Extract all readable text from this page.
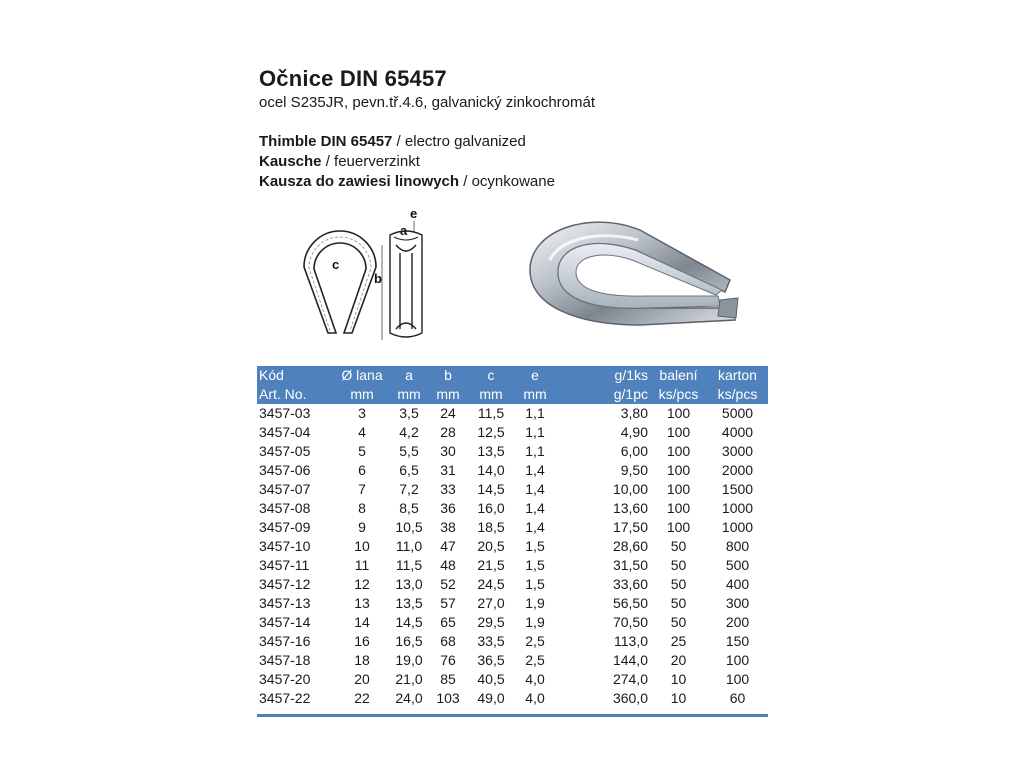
Očnice DIN 65457
ocel S235JR, pevn.tř.4.6, galvanický zinkochromát
Thimble DIN 65457 / electro galvanized
Kausche / feuerverzinkt
Kausza do zawiesi linowych / ocynkowane
c
b
e
a
Kód	Ø lana	a	b	c	e	g/1ks	balení	karton
Art. No.	mm	mm	mm	mm	mm	g/1pc	ks/pcs	ks/pcs
3457-03	3	3,5	24	11,5	1,1	3,80	100	5000
3457-04	4	4,2	28	12,5	1,1	4,90	100	4000
3457-05	5	5,5	30	13,5	1,1	6,00	100	3000
3457-06	6	6,5	31	14,0	1,4	9,50	100	2000
3457-07	7	7,2	33	14,5	1,4	10,00	100	1500
3457-08	8	8,5	36	16,0	1,4	13,60	100	1000
3457-09	9	10,5	38	18,5	1,4	17,50	100	1000
3457-10	10	11,0	47	20,5	1,5	28,60	50	800
3457-11	11	11,5	48	21,5	1,5	31,50	50	500
3457-12	12	13,0	52	24,5	1,5	33,60	50	400
3457-13	13	13,5	57	27,0	1,9	56,50	50	300
3457-14	14	14,5	65	29,5	1,9	70,50	50	200
3457-16	16	16,5	68	33,5	2,5	113,0	25	150
3457-18	18	19,0	76	36,5	2,5	144,0	20	100
3457-20	20	21,0	85	40,5	4,0	274,0	10	100
3457-22	22	24,0	103	49,0	4,0	360,0	10	60
